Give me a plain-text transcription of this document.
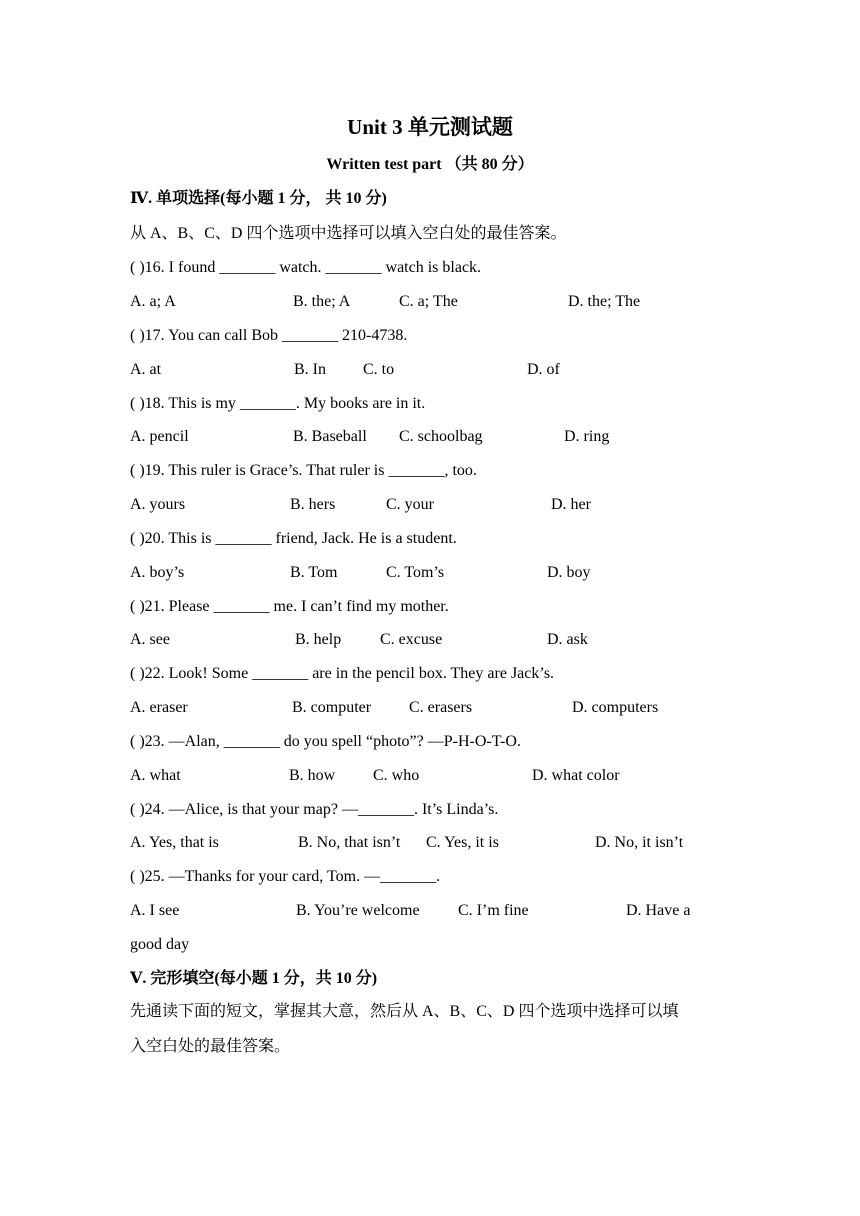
Unit 3 单元测试题
Written test part （共 80 分）
Ⅳ. 单项选择(每小题 1 分， 共 10 分)
从 A、B、C、D 四个选项中选择可以填入空白处的最佳答案。
( )16. I found _______ watch. _______ watch is black.
A. a; A	B. the; A	C. a; The	D. the; The
( )17. You can call Bob _______ 210-4738.
A. at	B. In C. to	D. of
( )18. This is my _______. My books are in it.
A. pencil	B. Baseball C. schoolbag	D. ring
( )19. This ruler is Grace’s. That ruler is _______, too.
A. yours	B. hers	C. your	D. her
( )20. This is _______ friend, Jack. He is a student.
A. boy’s	B. Tom	C. Tom’s	D. boy
( )21. Please _______ me. I can’t find my mother.
A. see	B. help C. excuse	D. ask
( )22. Look! Some _______ are in the pencil box. They are Jack’s.
A. eraser	B. computer C. erasers	D. computers
( )23. —Alan, _______ do you spell “photo”? —P-H-O-T-O.
A. what	B. how C. who	D. what color
( )24. —Alice, is that your map? —_______. It’s Linda’s.
A. Yes, that is	B. No, that isn’t C. Yes, it is	D. No, it isn’t
( )25. —Thanks for your card, Tom. —_______.
A. I see	B. You’re welcome C. I’m fine	D. Have a
good day
Ⅴ. 完形填空(每小题 1 分，共 10 分)
先通读下面的短文，掌握其大意，然后从 A、B、C、D 四个选项中选择可以填
入空白处的最佳答案。
